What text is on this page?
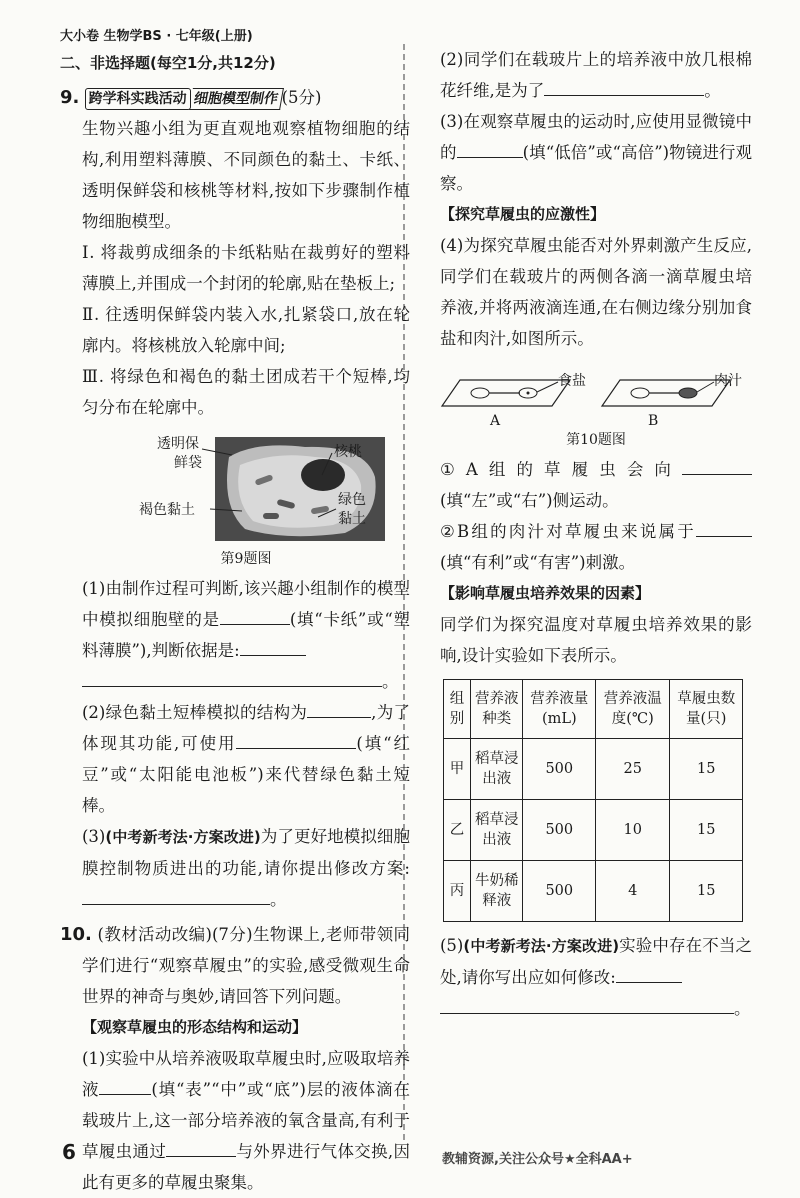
大小卷 生物学BS · 七年级(上册)
二、非选择题(每空1分,共12分)

9. 跨学科实践活动 细胞模型制作 (5分)

生物兴趣小组为更直观地观察植物细胞的结构,利用塑料薄膜、不同颜色的黏土、卡纸、透明保鲜袋和核桃等材料,按如下步骤制作植物细胞模型。

Ⅰ. 将裁剪成细条的卡纸粘贴在裁剪好的塑料薄膜上,并围成一个封闭的轮廓,贴在垫板上;

Ⅱ. 往透明保鲜袋内装入水,扎紧袋口,放在轮廓内。将核桃放入轮廓中间;

Ⅲ. 将绿色和褐色的黏土团成若干个短棒,均匀分布在轮廓中。

透明保
鲜袋
褐色黏土
核桃
绿色
黏土
第9题图

(1)由制作过程可判断,该兴趣小组制作的模型中模拟细胞壁的是	(填“卡纸”或“塑料薄膜”),判断依据是:

。

(2)绿色黏土短棒模拟的结构为	,为了体现其功能,可使用	(填“红豆”或“太阳能电池板”)来代替绿色黏土短棒。

(3)(中考新考法·方案改进)为了更好地模拟细胞膜控制物质进出的功能,请你提出修改方案:。

10. (教材活动改编)(7分)生物课上,老师带领同学们进行“观察草履虫”的实验,感受微观生命世界的神奇与奥妙,请回答下列问题。

【观察草履虫的形态结构和运动】

(1)实验中从培养液吸取草履虫时,应吸取培养液	(填“表”“中”或“底”)层的液体滴在载玻片上,这一部分培养液的氧含量高,有利于草履虫通过	与外界进行气体交换,因此有更多的草履虫聚集。

(2)同学们在载玻片上的培养液中放几根棉花纤维,是为了	。

(3)在观察草履虫的运动时,应使用显微镜中的	(填“低倍”或“高倍”)物镜进行观察。

【探究草履虫的应激性】

(4)为探究草履虫能否对外界刺激产生反应,同学们在载玻片的两侧各滴一滴草履虫培养液,并将两液滴连通,在右侧边缘分别加食盐和肉汁,如图所示。

食盐	肉汁
A	B
第10题图

①A组的草履虫会向(填“左”或“右”)侧运动。

②B组的肉汁对草履虫来说属于(填“有利”或“有害”)刺激。

【影响草履虫培养效果的因素】

同学们为探究温度对草履虫培养效果的影响,设计实验如下表所示。

组别	营养液种类	营养液量(mL)	营养液温度(℃)	草履虫数量(只)
甲	稻草浸出液	500	25	15
乙	稻草浸出液	500	10	15
丙	牛奶稀释液	500	4	15

(5)(中考新考法·方案改进)实验中存在不当之处,请你写出应如何修改:

。

6	教辅资源,关注公众号★全科AA+
